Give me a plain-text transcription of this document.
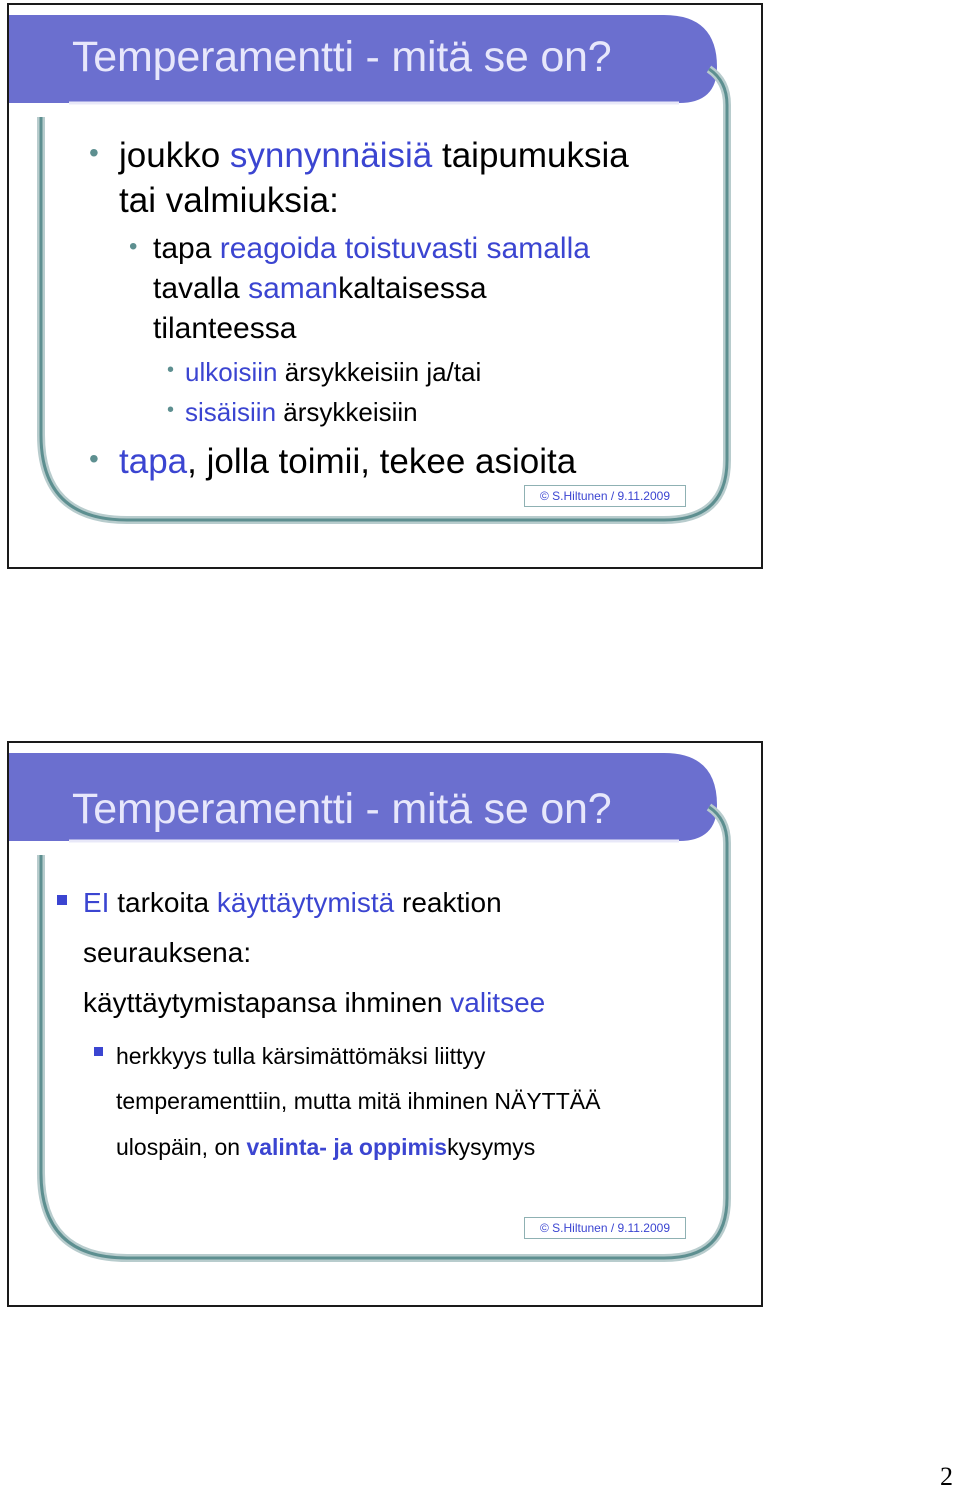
Temperamentti - mitä se on?
• joukko synnynnäisiä taipumuksia
tai valmiuksia:
• tapa reagoida toistuvasti samalla
tavalla samankaltaisessa
tilanteessa
• ulkoisiin ärsykkeisiin ja/tai
• sisäisiin ärsykkeisiin
• tapa, jolla toimii, tekee asioita
© S.Hiltunen / 9.11.2009
Temperamentti - mitä se on?
EI tarkoita käyttäytymistä reaktion
seurauksena:
käyttäytymistapansa ihminen valitsee
herkkyys tulla kärsimättömäksi liittyy
temperamenttiin, mutta mitä ihminen NÄYTTÄÄ
ulospäin, on valinta- ja oppimiskysymys
© S.Hiltunen / 9.11.2009
2
